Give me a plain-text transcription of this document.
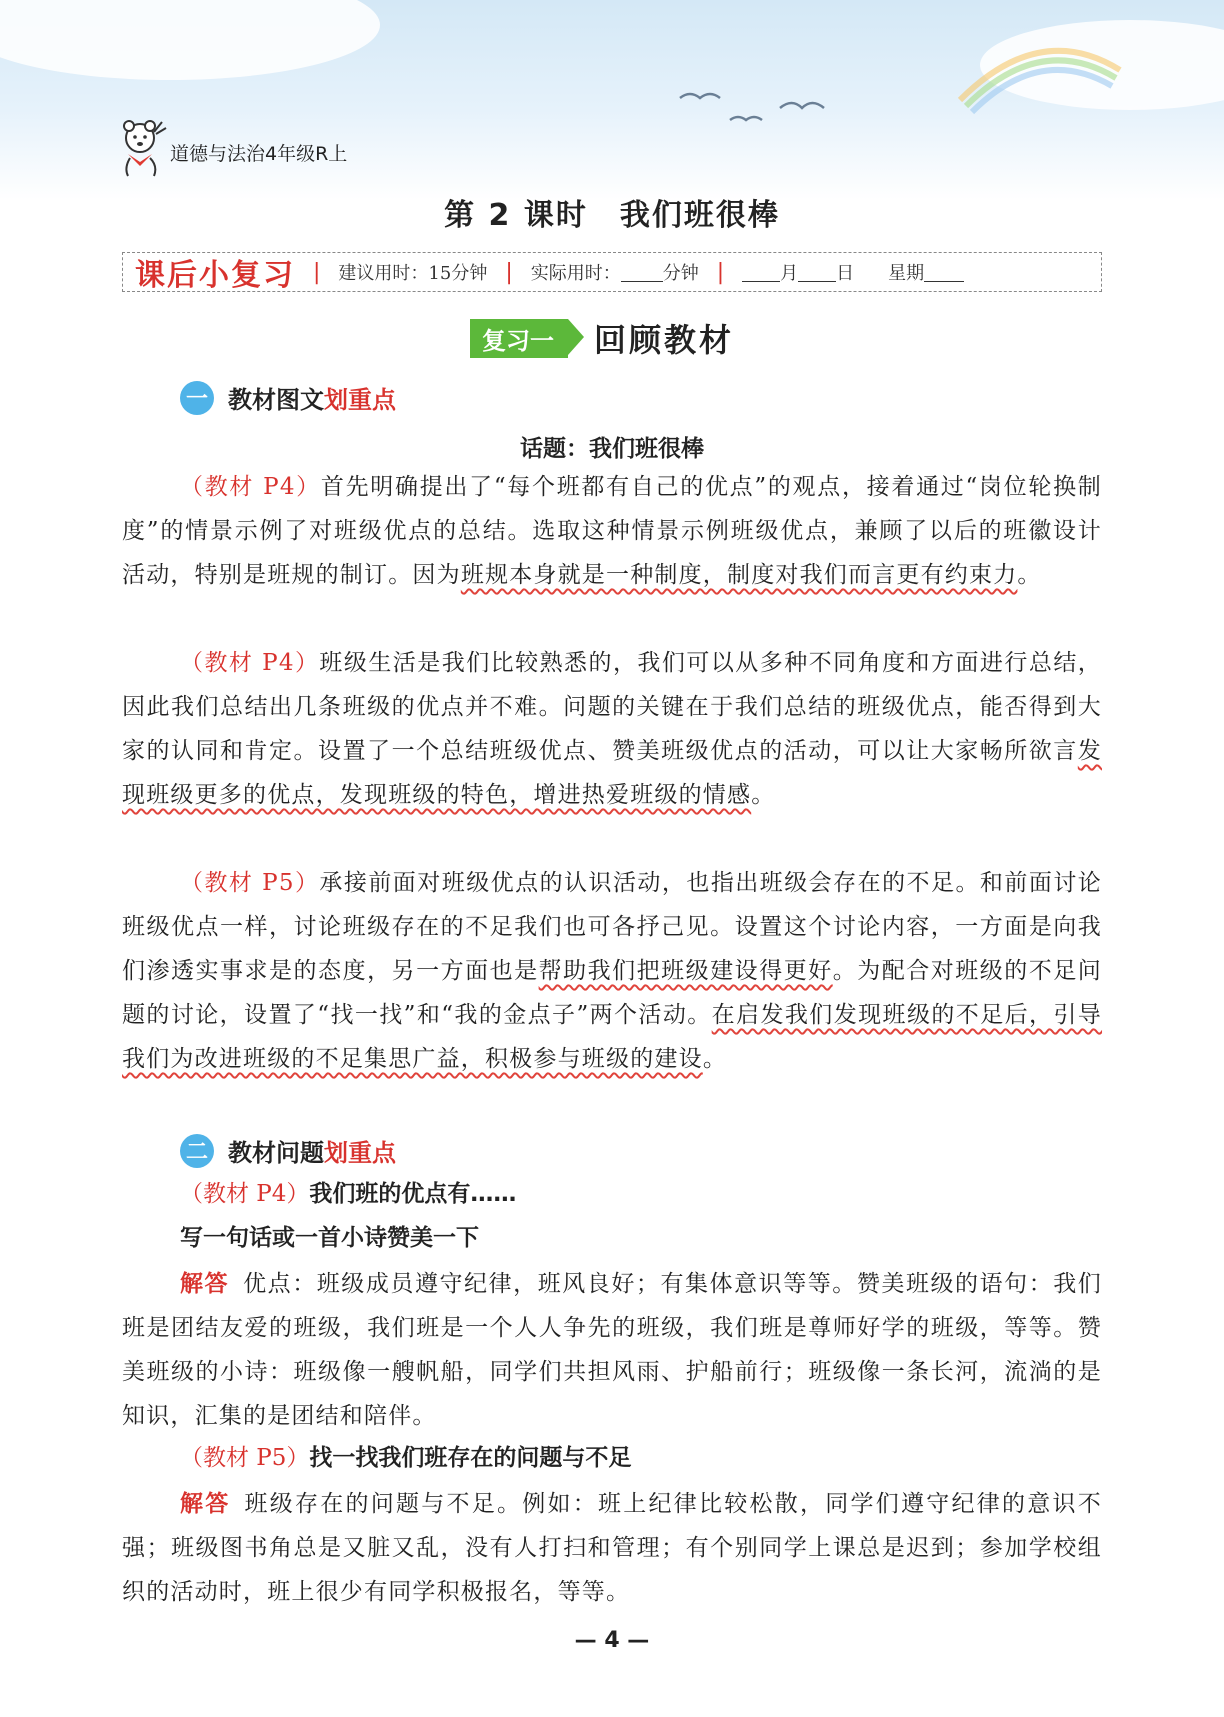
道德与法治4年级R上
第 2 课时　我们班很棒
课后小复习 | 建议用时：15分钟 | 实际用时： 分钟 |	月 日 星期
复习一	回顾教材
一 教材图文 划重点
话题：我们班很棒
（教材 P4）首先明确提出了“每个班都有自己的优点”的观点，接着通过“岗位轮换制度”的情景示例了对班级优点的总结。选取这种情景示例班级优点，兼顾了以后的班徽设计活动，特别是班规的制订。因为班规本身就是一种制度，制度对我们而言更有约束力。
（教材 P4）班级生活是我们比较熟悉的，我们可以从多种不同角度和方面进行总结，因此我们总结出几条班级的优点并不难。问题的关键在于我们总结的班级优点，能否得到大家的认同和肯定。设置了一个总结班级优点、赞美班级优点的活动，可以让大家畅所欲言发现班级更多的优点，发现班级的特色，增进热爱班级的情感。
（教材 P5）承接前面对班级优点的认识活动，也指出班级会存在的不足。和前面讨论班级优点一样，讨论班级存在的不足我们也可各抒己见。设置这个讨论内容，一方面是向我们渗透实事求是的态度，另一方面也是帮助我们把班级建设得更好。为配合对班级的不足问题的讨论，设置了“找一找”和“我的金点子”两个活动。在启发我们发现班级的不足后，引导我们为改进班级的不足集思广益，积极参与班级的建设。
二 教材问题 划重点
（教材 P4）我们班的优点有……
写一句话或一首小诗赞美一下
解答 优点：班级成员遵守纪律，班风良好；有集体意识等等。赞美班级的语句：我们班是团结友爱的班级，我们班是一个人人争先的班级，我们班是尊师好学的班级，等等。赞美班级的小诗：班级像一艘帆船，同学们共担风雨、护船前行；班级像一条长河，流淌的是知识，汇集的是团结和陪伴。
（教材 P5）找一找我们班存在的问题与不足
解答 班级存在的问题与不足。例如：班上纪律比较松散，同学们遵守纪律的意识不强；班级图书角总是又脏又乱，没有人打扫和管理；有个别同学上课总是迟到；参加学校组织的活动时，班上很少有同学积极报名，等等。
— 4 —
